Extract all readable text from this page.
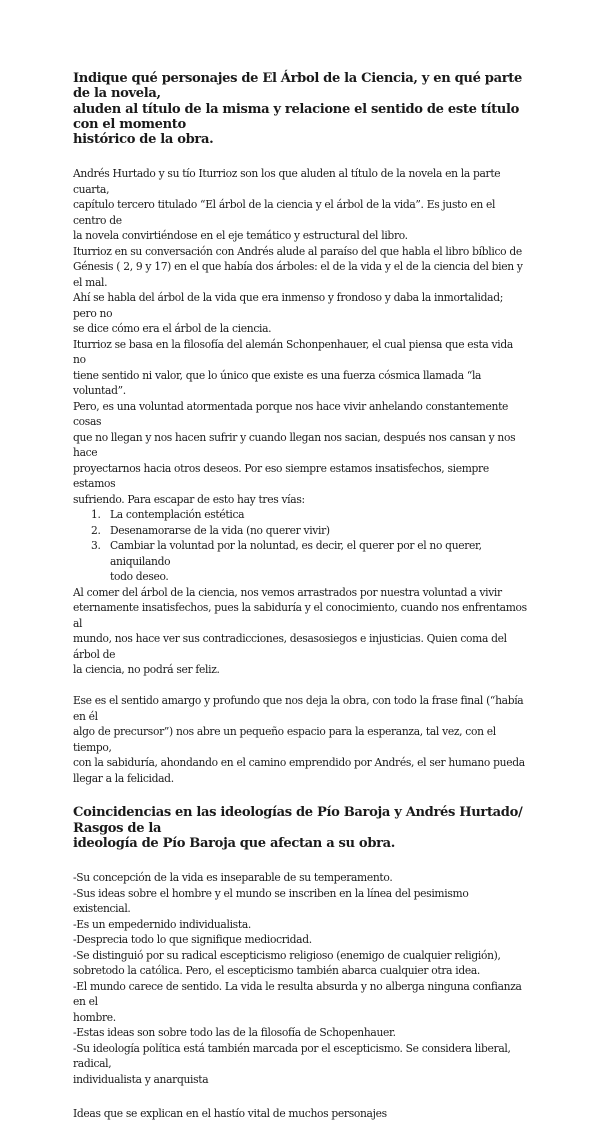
Indique qué personajes de El Árbol de la Ciencia, y en qué parte de la novela,
aluden al título de la misma y relacione el sentido de este título con el momento
histórico de la obra.
Andrés Hurtado y su tío Iturrioz son los que aluden al título de la novela en la parte cuarta,
capítulo tercero titulado “El árbol de la ciencia y el árbol de la vida”. Es justo en el centro de
la novela convirtiéndose en el eje temático y estructural del libro.
Iturrioz en su conversación con Andrés alude al paraíso del que habla el libro bíblico de
Génesis ( 2, 9 y 17) en el que había dos árboles: el de la vida y el de la ciencia del bien y el mal.
Ahí se habla del árbol de la vida que era inmenso y frondoso y daba la inmortalidad; pero no
se dice cómo era el árbol de la ciencia.
Iturrioz se basa en la filosofía del alemán Schonpenhauer, el cual piensa que esta vida no
tiene sentido ni valor, que lo único que existe es una fuerza cósmica llamada “la voluntad”.
Pero, es una voluntad atormentada porque nos hace vivir anhelando constantemente cosas
que no llegan y nos hacen sufrir y cuando llegan nos sacian, después nos cansan y nos hace
proyectarnos hacia otros deseos. Por eso siempre estamos insatisfechos, siempre estamos
sufriendo. Para escapar de esto hay tres vías:
1. La contemplación estética
2. Desenamorarse de la vida (no querer vivir)
3. Cambiar la voluntad por la noluntad, es decir, el querer por el no querer, aniquilando
todo deseo.
Al comer del árbol de la ciencia, nos vemos arrastrados por nuestra voluntad a vivir
eternamente insatisfechos, pues la sabiduría y el conocimiento, cuando nos enfrentamos al
mundo, nos hace ver sus contradicciones, desasosiegos e injusticias. Quien coma del árbol de
la ciencia, no podrá ser feliz.
Ese es el sentido amargo y profundo que nos deja la obra, con todo la frase final (“había en él
algo de precursor”) nos abre un pequeño espacio para la esperanza, tal vez, con el tiempo,
con la sabiduría, ahondando en el camino emprendido por Andrés, el ser humano pueda
llegar a la felicidad.
Coincidencias en las ideologías de Pío Baroja y Andrés Hurtado/ Rasgos de la
ideología de Pío Baroja que afectan a su obra.
-Su concepción de la vida es inseparable de su temperamento.
-Sus ideas sobre el hombre y el mundo se inscriben en la línea del pesimismo existencial.
-Es un empedernido individualista.
-Desprecia todo lo que signifique mediocridad.
-Se distinguió por su radical escepticismo religioso (enemigo de cualquier religión),
sobretodo la católica. Pero, el escepticismo también abarca cualquier otra idea.
-El mundo carece de sentido. La vida le resulta absurda y no alberga ninguna confianza en el
hombre.
-Estas ideas son sobre todo las de la filosofía de Schopenhauer.
-Su ideología política está también marcada por el escepticismo. Se considera liberal, radical,
individualista y anarquista
Ideas que se explican en el hastío vital de muchos personajes
